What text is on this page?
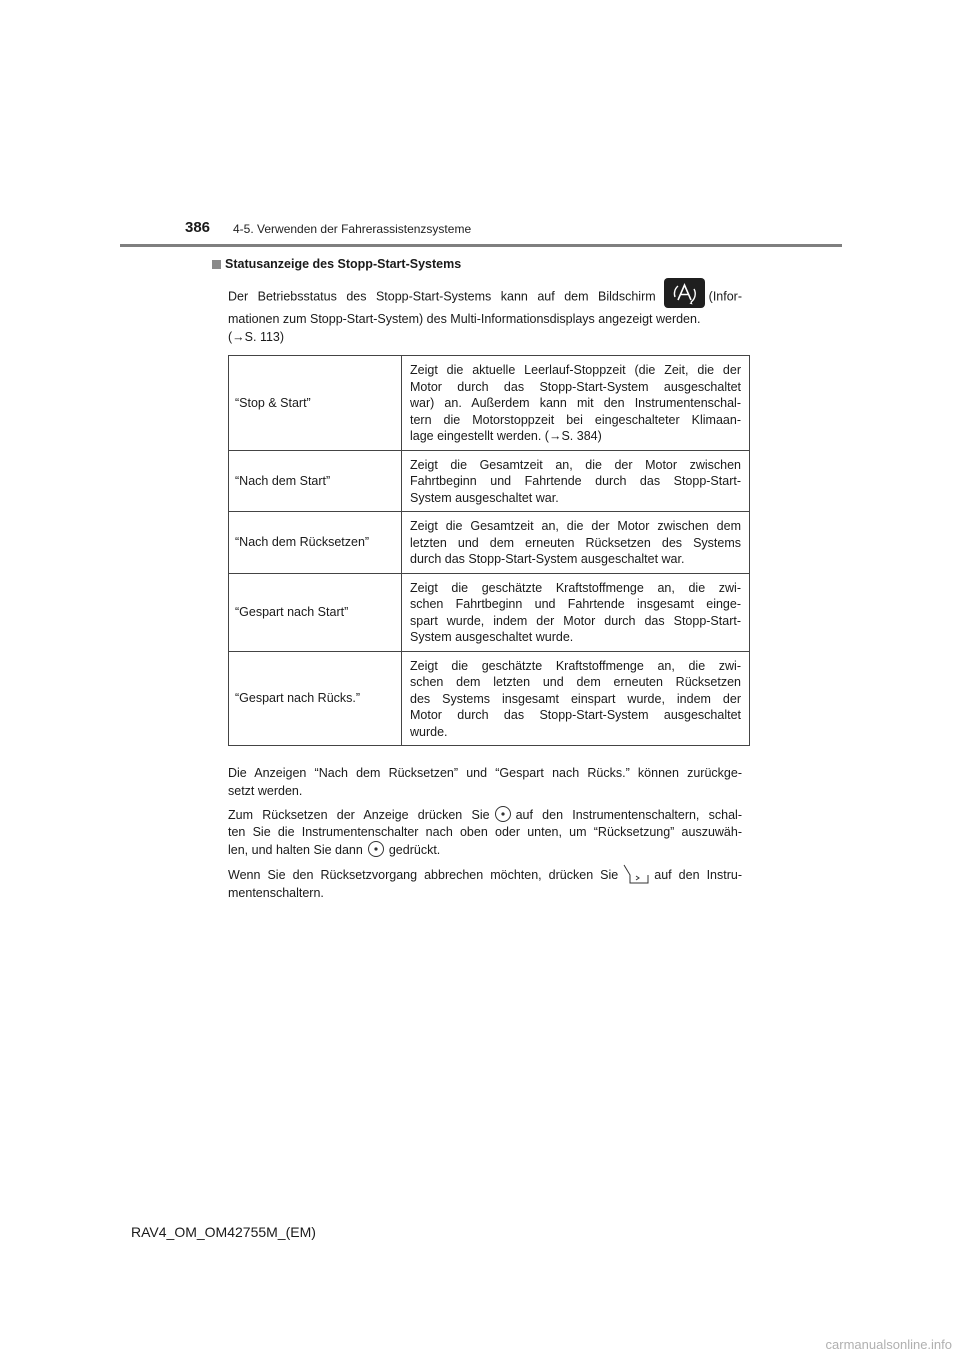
386 4-5. Verwenden der Fahrerassistenzsysteme
Statusanzeige des Stopp-Start-Systems

Der Betriebsstatus des Stopp-Start-Systems kann auf dem Bildschirm	(Infor-

mationen zum Stopp-Start-System) des Multi-Informationsdisplays angezeigt werden.

(→S. 113)

“Stop & Start”	Zeigt die aktuelle Leerlauf-Stoppzeit (die Zeit, die der
Motor durch das Stopp-Start-System ausgeschaltet
war) an. Außerdem kann mit den Instrumentenschal-
tern die Motorstoppzeit bei eingeschalteter Klimaan-
lage eingestellt werden. (→S. 384)

“Nach dem Start”	Zeigt die Gesamtzeit an, die der Motor zwischen
Fahrtbeginn und Fahrtende durch das Stopp-Start-
System ausgeschaltet war.

“Nach dem Rücksetzen”	Zeigt die Gesamtzeit an, die der Motor zwischen dem
letzten und dem erneuten Rücksetzen des Systems
durch das Stopp-Start-System ausgeschaltet war.

“Gespart nach Start”	Zeigt die geschätzte Kraftstoffmenge an, die zwi-
schen Fahrtbeginn und Fahrtende insgesamt einge-
spart wurde, indem der Motor durch das Stopp-Start-
System ausgeschaltet wurde.

“Gespart nach Rücks.”	Zeigt die geschätzte Kraftstoffmenge an, die zwi-
schen dem letzten und dem erneuten Rücksetzen
des Systems insgesamt einspart wurde, indem der
Motor durch das Stopp-Start-System ausgeschaltet
wurde.

Die Anzeigen “Nach dem Rücksetzen” und “Gespart nach Rücks.” können zurückge-

setzt werden.

Zum Rücksetzen der Anzeige drücken Sie auf den Instrumentenschaltern, schal-

ten Sie die Instrumentenschalter nach oben oder unten, um “Rücksetzung” auszuwäh-

len, und halten Sie dann gedrückt.

Wenn Sie den Rücksetzvorgang abbrechen möchten, drücken Sie	auf den Instru-

mentenschaltern.

RAV4_OM_OM42755M_(EM)
carmanualsonline.info
